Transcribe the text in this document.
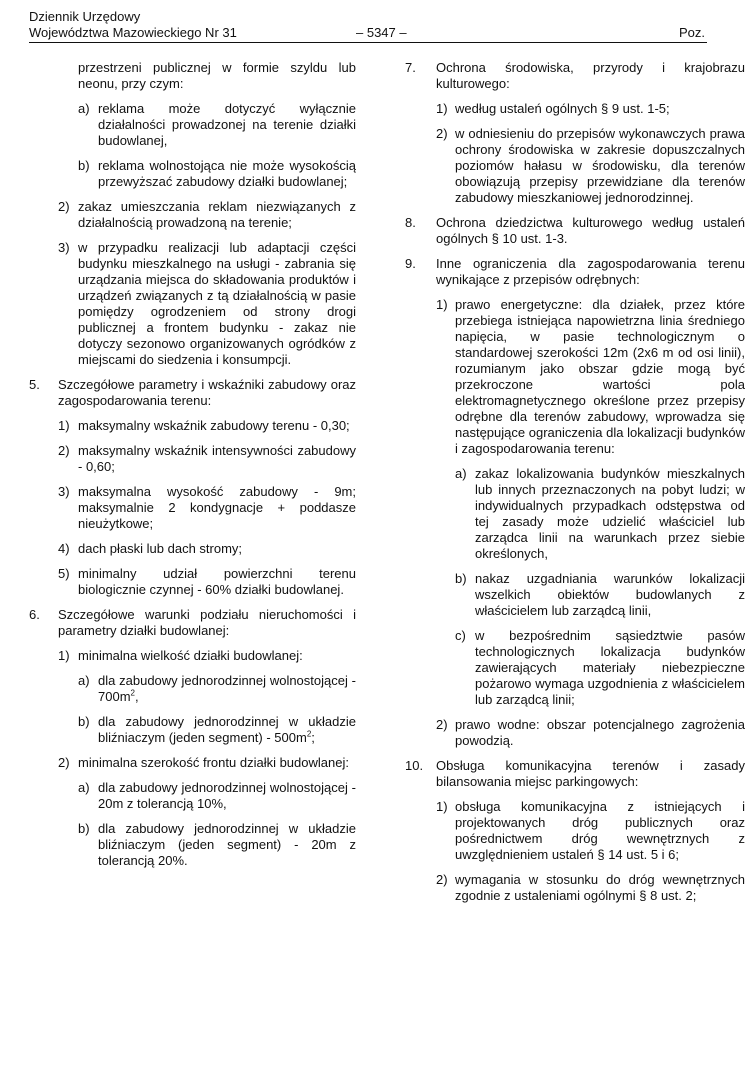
Dziennik Urzędowy
Województwa Mazowieckiego Nr 31	– 5347 –	Poz.
przestrzeni publicznej w formie szyldu lub neonu, przy czym:
a) reklama może dotyczyć wyłącznie działalności prowadzonej na terenie działki budowlanej,
b) reklama wolnostojąca nie może wysokością przewyższać zabudowy działki budowlanej;
2) zakaz umieszczania reklam niezwiązanych z działalnością prowadzoną na terenie;
3) w przypadku realizacji lub adaptacji części budynku mieszkalnego na usługi - zabrania się urządzania miejsca do składowania produktów i urządzeń związanych z tą działalnością w pasie pomiędzy ogrodzeniem od strony drogi publicznej a frontem budynku - zakaz nie dotyczy sezonowo organizowanych ogródków z miejscami do siedzenia i konsumpcji.
5. Szczegółowe parametry i wskaźniki zabudowy oraz zagospodarowania terenu:
1) maksymalny wskaźnik zabudowy terenu - 0,30;
2) maksymalny wskaźnik intensywności zabudowy - 0,60;
3) maksymalna wysokość zabudowy - 9m; maksymalnie 2 kondygnacje + poddasze nieużytkowe;
4) dach płaski lub dach stromy;
5) minimalny udział powierzchni terenu biologicznie czynnej - 60% działki budowlanej.
6. Szczegółowe warunki podziału nieruchomości i parametry działki budowlanej:
1) minimalna wielkość działki budowlanej:
a) dla zabudowy jednorodzinnej wolnostojącej - $700m^2$,
b) dla zabudowy jednorodzinnej w układzie bliźniaczym (jeden segment) - $500m^2$;
2) minimalna szerokość frontu działki budowlanej:
a) dla zabudowy jednorodzinnej wolnostojącej - 20m z tolerancją 10%,
b) dla zabudowy jednorodzinnej w układzie bliźniaczym (jeden segment) - 20m z tolerancją 20%.
7. Ochrona środowiska, przyrody i krajobrazu kulturowego:
1) według ustaleń ogólnych § 9 ust. 1-5;
2) w odniesieniu do przepisów wykonawczych prawa ochrony środowiska w zakresie dopuszczalnych poziomów hałasu w środowisku, dla terenów obowiązują przepisy przewidziane dla terenów zabudowy mieszkaniowej jednorodzinnej.
8. Ochrona dziedzictwa kulturowego według ustaleń ogólnych § 10 ust. 1-3.
9. Inne ograniczenia dla zagospodarowania terenu wynikające z przepisów odrębnych:
1) prawo energetyczne: dla działek, przez które przebiega istniejąca napowietrzna linia średniego napięcia, w pasie technologicznym o standardowej szerokości 12m (2x6 m od osi linii), rozumianym jako obszar gdzie mogą być przekroczone wartości pola elektromagnetycznego określone przez przepisy odrębne dla terenów zabudowy, wprowadza się następujące ograniczenia dla lokalizacji budynków i zagospodarowania terenu:
a) zakaz lokalizowania budynków mieszkalnych lub innych przeznaczonych na pobyt ludzi; w indywidualnych przypadkach odstępstwa od tej zasady może udzielić właściciel lub zarządca linii na warunkach przez siebie określonych,
b) nakaz uzgadniania warunków lokalizacji wszelkich obiektów budowlanych z właścicielem lub zarządcą linii,
c) w bezpośrednim sąsiedztwie pasów technologicznych lokalizacja budynków zawierających materiały niebezpieczne pożarowo wymaga uzgodnienia z właścicielem lub zarządcą linii;
2) prawo wodne: obszar potencjalnego zagrożenia powodzią.
10. Obsługa komunikacyjna terenów i zasady bilansowania miejsc parkingowych:
1) obsługa komunikacyjna z istniejących i projektowanych dróg publicznych oraz pośrednictwem dróg wewnętrznych z uwzględnieniem ustaleń § 14 ust. 5 i 6;
2) wymagania w stosunku do dróg wewnętrznych zgodnie z ustaleniami ogólnymi § 8 ust. 2;
